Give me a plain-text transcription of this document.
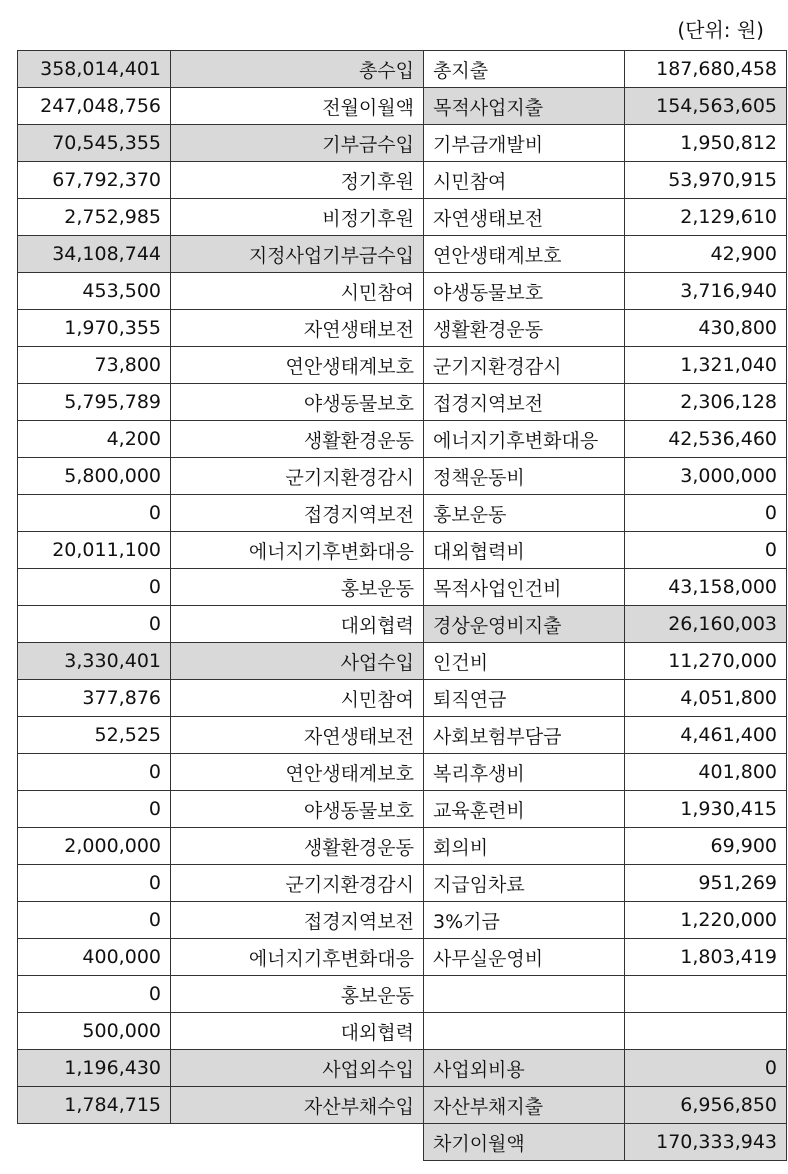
(단위: 원)
358,014,401	총수입	총지출	187,680,458
247,048,756	전월이월액	목적사업지출	154,563,605
70,545,355	기부금수입	기부금개발비	1,950,812
67,792,370	정기후원	시민참여	53,970,915
2,752,985	비정기후원	자연생태보전	2,129,610
34,108,744	지정사업기부금수입	연안생태계보호	42,900
453,500	시민참여	야생동물보호	3,716,940
1,970,355	자연생태보전	생활환경운동	430,800
73,800	연안생태계보호	군기지환경감시	1,321,040
5,795,789	야생동물보호	접경지역보전	2,306,128
4,200	생활환경운동	에너지기후변화대응	42,536,460
5,800,000	군기지환경감시	정책운동비	3,000,000
0	접경지역보전	홍보운동	0
20,011,100	에너지기후변화대응	대외협력비	0
0	홍보운동	목적사업인건비	43,158,000
0	대외협력	경상운영비지출	26,160,003
3,330,401	사업수입	인건비	11,270,000
377,876	시민참여	퇴직연금	4,051,800
52,525	자연생태보전	사회보험부담금	4,461,400
0	연안생태계보호	복리후생비	401,800
0	야생동물보호	교육훈련비	1,930,415
2,000,000	생활환경운동	회의비	69,900
0	군기지환경감시	지급임차료	951,269
0	접경지역보전	3%기금	1,220,000
400,000	에너지기후변화대응	사무실운영비	1,803,419
0	홍보운동		
500,000	대외협력		
1,196,430	사업외수입	사업외비용	0
1,784,715	자산부채수입	자산부채지출	6,956,850
		차기이월액	170,333,943
